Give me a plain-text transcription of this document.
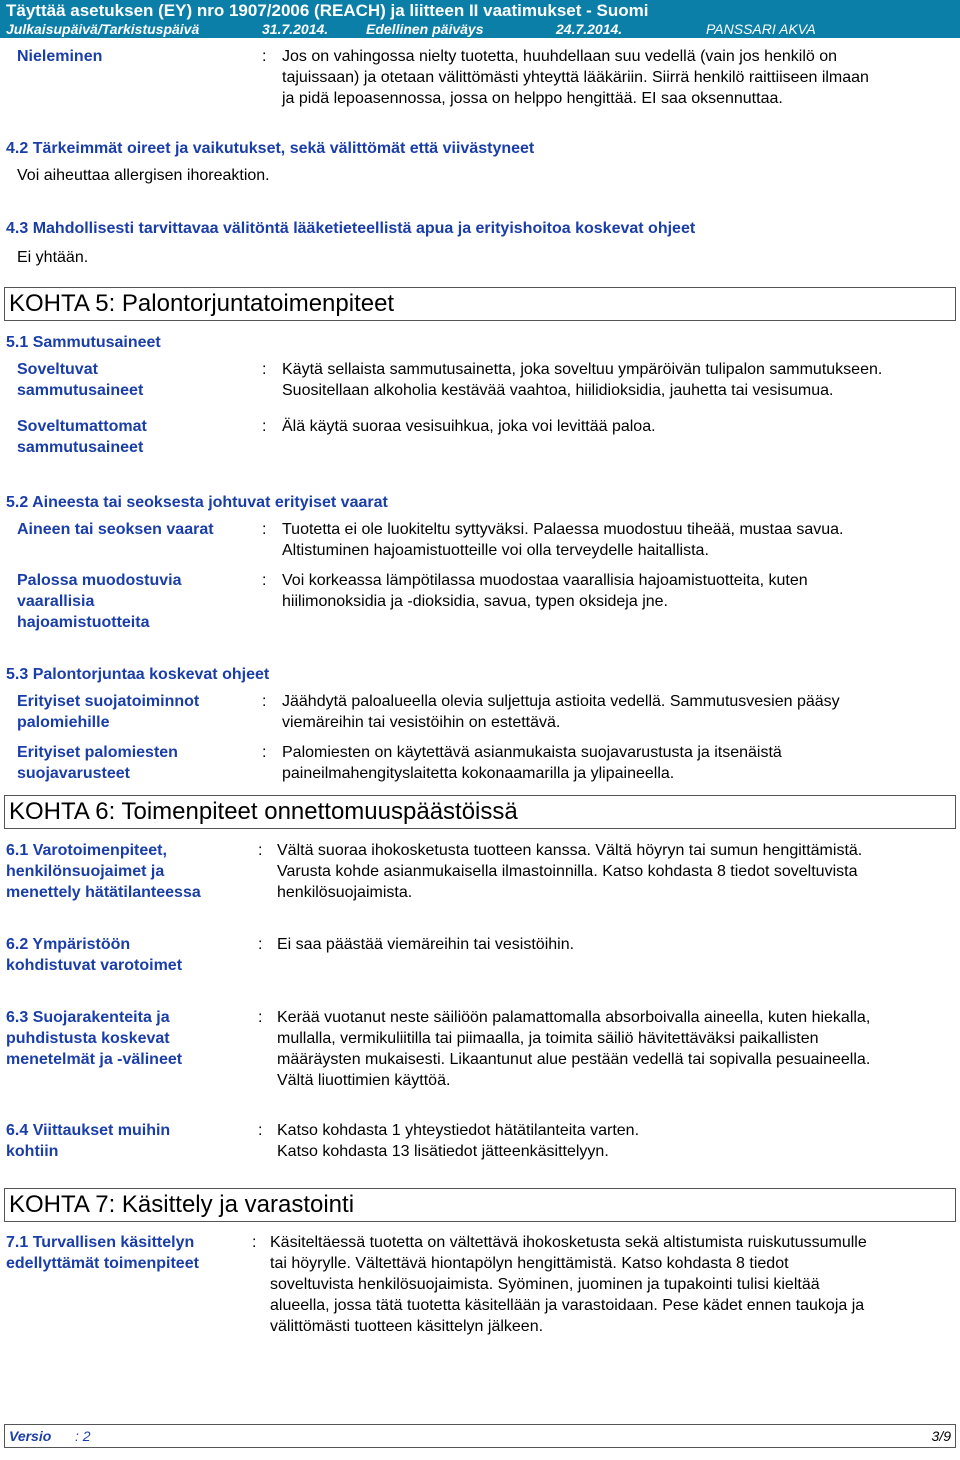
Täyttää asetuksen (EY) nro 1907/2006 (REACH) ja liitteen II vaatimukset - Suomi
Julkaisupäivä/Tarkistuspäivä	31.7.2014.	Edellinen päiväys	24.7.2014.	PANSSARI AKVA
Nieleminen	: Jos on vahingossa nielty tuotetta, huuhdellaan suu vedellä (vain jos henkilö on
tajuissaan) ja otetaan välittömästi yhteyttä lääkäriin. Siirrä henkilö raittiiseen ilmaan
ja pidä lepoasennossa, jossa on helppo hengittää. EI saa oksennuttaa.
4.2 Tärkeimmät oireet ja vaikutukset, sekä välittömät että viivästyneet
Voi aiheuttaa allergisen ihoreaktion.
4.3 Mahdollisesti tarvittavaa välitöntä lääketieteellistä apua ja erityishoitoa koskevat ohjeet
Ei yhtään.
KOHTA 5: Palontorjuntatoimenpiteet
5.1 Sammutusaineet
Soveltuvat
sammutusaineet
: Käytä sellaista sammutusainetta, joka soveltuu ympäröivän tulipalon sammutukseen.
Suositellaan alkoholia kestävää vaahtoa, hiilidioksidia, jauhetta tai vesisumua.
Soveltumattomat
sammutusaineet
: Älä käytä suoraa vesisuihkua, joka voi levittää paloa.
5.2 Aineesta tai seoksesta johtuvat erityiset vaarat
Aineen tai seoksen vaarat	: Tuotetta ei ole luokiteltu syttyväksi. Palaessa muodostuu tiheää, mustaa savua.
Altistuminen hajoamistuotteille voi olla terveydelle haitallista.
Palossa muodostuvia
vaarallisia
hajoamistuotteita
: Voi korkeassa lämpötilassa muodostaa vaarallisia hajoamistuotteita, kuten
hiilimonoksidia ja -dioksidia, savua, typen oksideja jne.
5.3 Palontorjuntaa koskevat ohjeet
Erityiset suojatoiminnot
palomiehille
: Jäähdytä paloalueella olevia suljettuja astioita vedellä. Sammutusvesien pääsy
viemäreihin tai vesistöihin on estettävä.
Erityiset palomiesten
suojavarusteet
: Palomiesten on käytettävä asianmukaista suojavarustusta ja itsenäistä
paineilmahengityslaitetta kokonaamarilla ja ylipaineella.
KOHTA 6: Toimenpiteet onnettomuuspäästöissä
6.1 Varotoimenpiteet,
henkilönsuojaimet ja
menettely hätätilanteessa
: Vältä suoraa ihokosketusta tuotteen kanssa. Vältä höyryn tai sumun hengittämistä.
Varusta kohde asianmukaisella ilmastoinnilla. Katso kohdasta 8 tiedot soveltuvista
henkilösuojaimista.
6.2 Ympäristöön
kohdistuvat varotoimet
: Ei saa päästää viemäreihin tai vesistöihin.
6.3 Suojarakenteita ja
puhdistusta koskevat
menetelmät ja -välineet
: Kerää vuotanut neste säiliöön palamattomalla absorboivalla aineella, kuten hiekalla,
mullalla, vermikuliitilla tai piimaalla, ja toimita säiliö hävitettäväksi paikallisten
määräysten mukaisesti. Likaantunut alue pestään vedellä tai sopivalla pesuaineella.
Vältä liuottimien käyttöä.
6.4 Viittaukset muihin
kohtiin
: Katso kohdasta 1 yhteystiedot hätätilanteita varten.
Katso kohdasta 13 lisätiedot jätteenkäsittelyyn.
KOHTA 7: Käsittely ja varastointi
7.1 Turvallisen käsittelyn
edellyttämät toimenpiteet
: Käsiteltäessä tuotetta on vältettävä ihokosketusta sekä altistumista ruiskutussumulle
tai höyrylle. Vältettävä hiontapölyn hengittämistä. Katso kohdasta 8 tiedot
soveltuvista henkilösuojaimista. Syöminen, juominen ja tupakointi tulisi kieltää
alueella, jossa tätä tuotetta käsitellään ja varastoidaan. Pese kädet ennen taukoja ja
välittömästi tuotteen käsittelyn jälkeen.
Versio : 2	3/9
